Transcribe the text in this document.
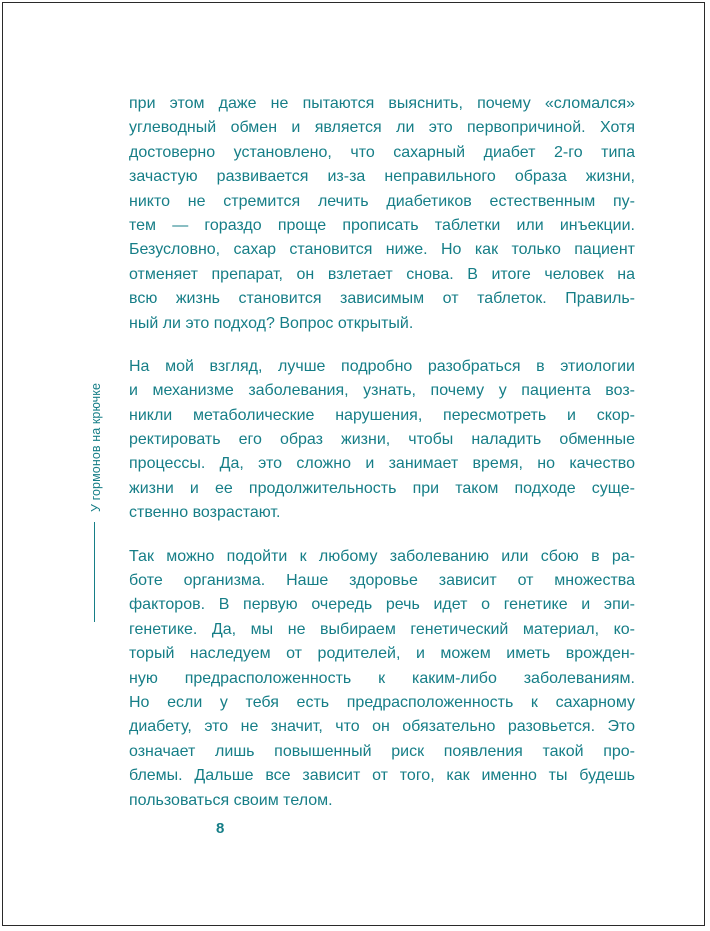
У гормонов на крючке

при этом даже не пытаются выяснить, почему «сломался»
углеводный обмен и является ли это первопричиной. Хотя
достоверно установлено, что сахарный диабет 2-го типа
зачастую развивается из-за неправильного образа жизни,
никто не стремится лечить диабетиков естественным пу-
тем — гораздо проще прописать таблетки или инъекции.
Безусловно, сахар становится ниже. Но как только пациент
отменяет препарат, он взлетает снова. В итоге человек на
всю жизнь становится зависимым от таблеток. Правиль-
ный ли это подход? Вопрос открытый.

На мой взгляд, лучше подробно разобраться в этиологии
и механизме заболевания, узнать, почему у пациента воз-
никли метаболические нарушения, пересмотреть и скор-
ректировать его образ жизни, чтобы наладить обменные
процессы. Да, это сложно и занимает время, но качество
жизни и ее продолжительность при таком подходе суще-
ственно возрастают.

Так можно подойти к любому заболеванию или сбою в ра-
боте организма. Наше здоровье зависит от множества
факторов. В первую очередь речь идет о генетике и эпи-
генетике. Да, мы не выбираем генетический материал, ко-
торый наследуем от родителей, и можем иметь врожден-
ную предрасположенность к каким-либо заболеваниям.
Но если у тебя есть предрасположенность к сахарному
диабету, это не значит, что он обязательно разовьется. Это
означает лишь повышенный риск появления такой про-
блемы. Дальше все зависит от того, как именно ты будешь
пользоваться своим телом.

8
